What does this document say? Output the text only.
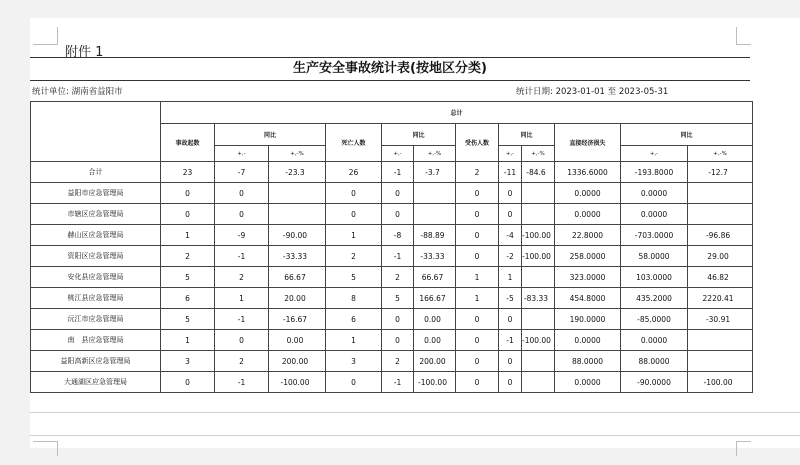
附件 1
生产安全事故统计表(按地区分类)
统计单位: 湖南省益阳市	统计日期: 2023-01-01 至 2023-05-31
	总计											
	事故起数	同比		死亡人数	同比		受伤人数	同比		直接经济损失	同比	
		+,-	+,-%		+,-	+,-%		+,-	+,-%		+,-	+,-%
合计	23	-7	-23.3	26	-1	-3.7	2	-11	-84.6	1336.6000	-193.8000	-12.7
益阳市应急管理局	0	0		0	0		0	0		0.0000	0.0000	
市辖区应急管理局	0	0		0	0		0	0		0.0000	0.0000	
赫山区应急管理局	1	-9	-90.00	1	-8	-88.89	0	-4	-100.00	22.8000	-703.0000	-96.86
资阳区应急管理局	2	-1	-33.33	2	-1	-33.33	0	-2	-100.00	258.0000	58.0000	29.00
安化县应急管理局	5	2	66.67	5	2	66.67	1	1		323.0000	103.0000	46.82
桃江县应急管理局	6	1	20.00	8	5	166.67	1	-5	-83.33	454.8000	435.2000	2220.41
沅江市应急管理局	5	-1	-16.67	6	0	0.00	0	0		190.0000	-85.0000	-30.91
南　县应急管理局	1	0	0.00	1	0	0.00	0	-1	-100.00	0.0000	0.0000	
益阳高新区应急管理局	3	2	200.00	3	2	200.00	0	0		88.0000	88.0000	
大通湖区应急管理局	0	-1	-100.00	0	-1	-100.00	0	0		0.0000	-90.0000	-100.00
